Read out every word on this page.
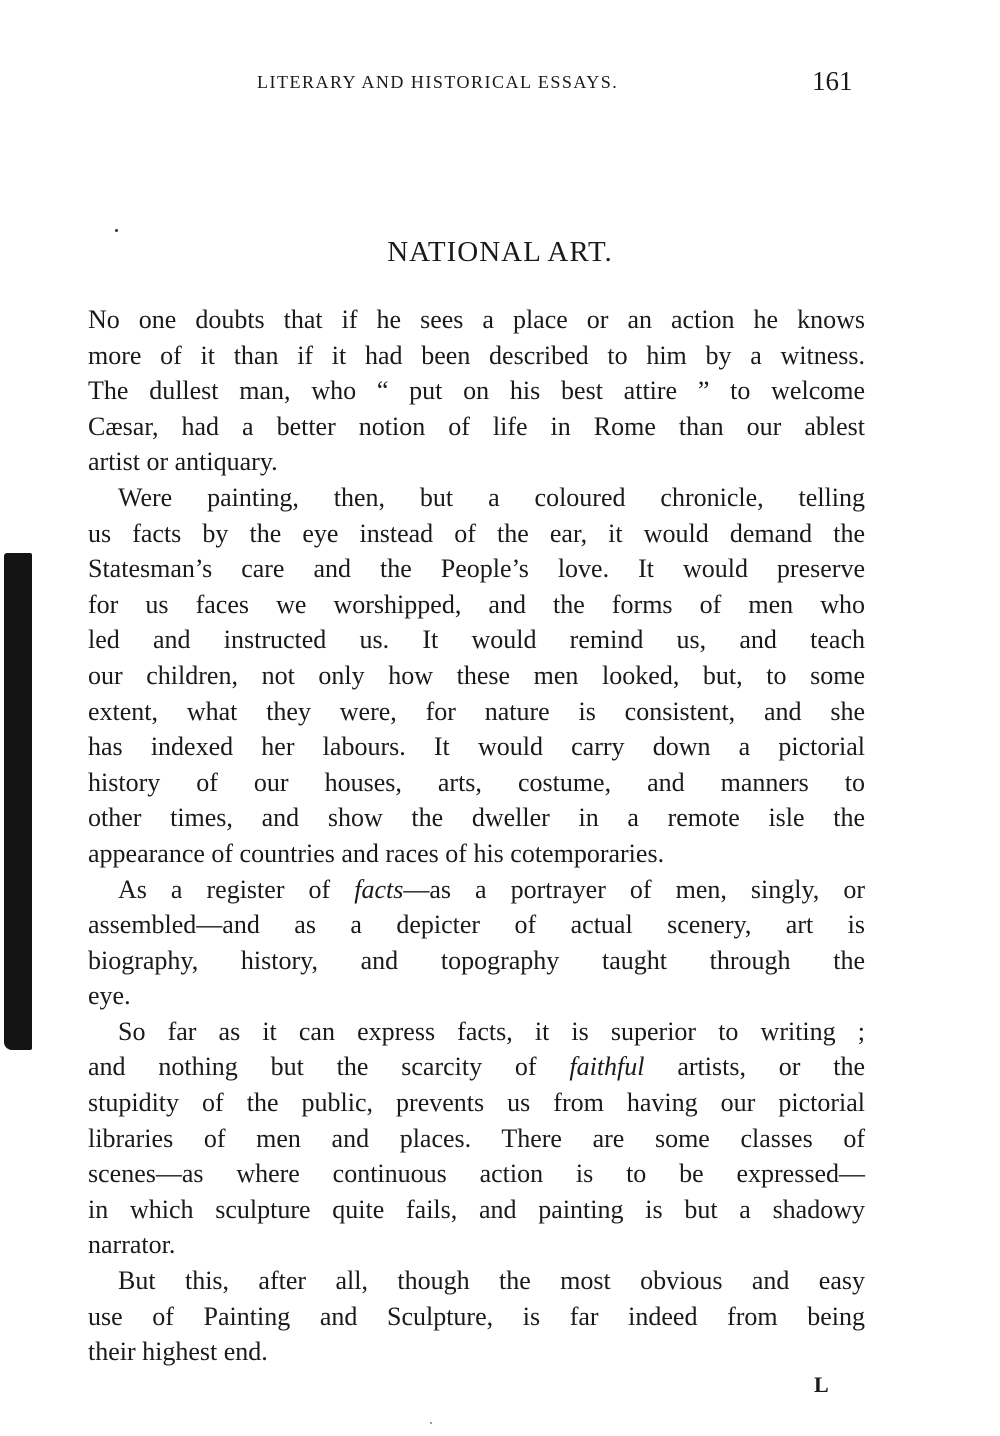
LITERARY AND HISTORICAL ESSAYS.	161
NATIONAL ART.
No one doubts that if he sees a place or an action he knows
more of it than if it had been described to him by a witness.
The dullest man, who “ put on his best attire ” to welcome
Cæsar, had a better notion of life in Rome than our ablest
artist or antiquary.
Were painting, then, but a coloured chronicle, telling
us facts by the eye instead of the ear, it would demand the
Statesman’s care and the People’s love. It would preserve
for us faces we worshipped, and the forms of men who
led and instructed us. It would remind us, and teach
our children, not only how these men looked, but, to some
extent, what they were, for nature is consistent, and she
has indexed her labours. It would carry down a pictorial
history of our houses, arts, costume, and manners to
other times, and show the dweller in a remote isle the
appearance of countries and races of his cotemporaries.
As a register of facts—as a portrayer of men, singly, or
assembled—and as a depicter of actual scenery, art is
biography, history, and topography taught through the
eye.
So far as it can express facts, it is superior to writing ;
and nothing but the scarcity of faithful artists, or the
stupidity of the public, prevents us from having our pictorial
libraries of men and places. There are some classes of
scenes—as where continuous action is to be expressed—
in which sculpture quite fails, and painting is but a shadowy
narrator.
But this, after all, though the most obvious and easy
use of Painting and Sculpture, is far indeed from being
their highest end.
L
